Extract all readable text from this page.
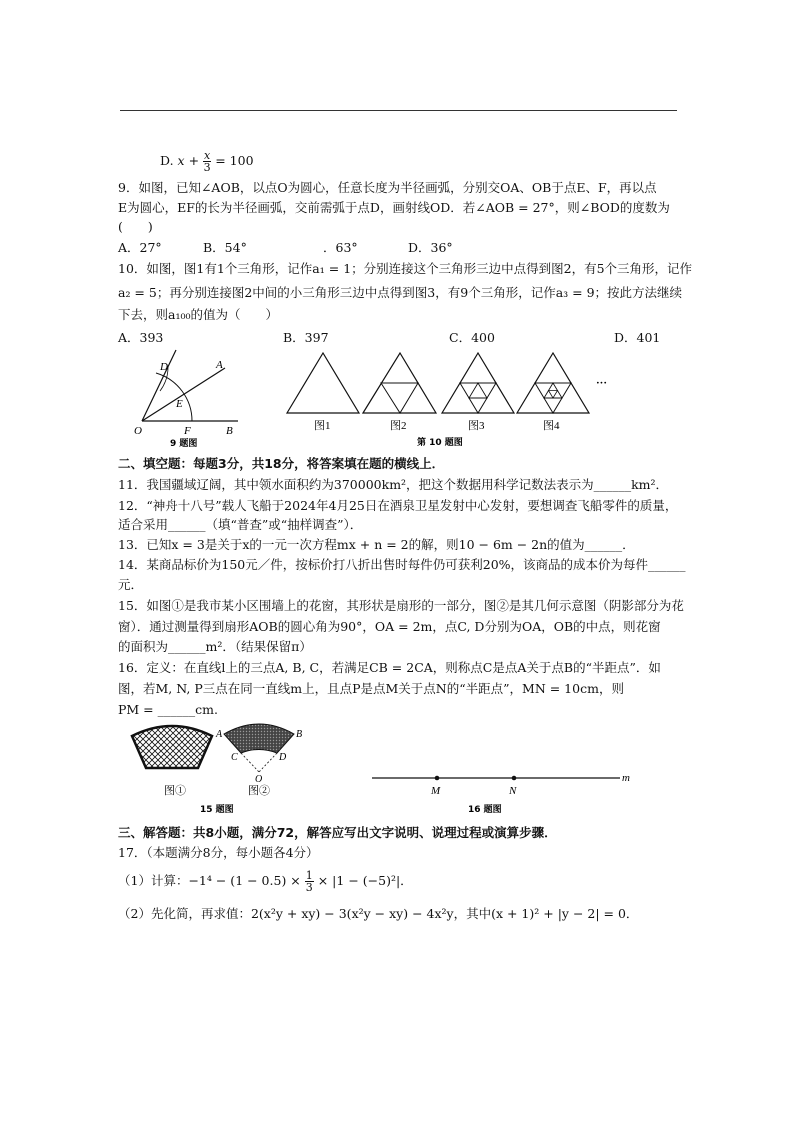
D. $x + \frac{x}{3} = 100$
9．如图，已知∠AOB，以点O为圆心，任意长度为半径画弧，分别交OA、OB于点E、F，再以点
E为圆心，EF的长为半径画弧，交前需弧于点D，画射线OD．若∠AOB = 27°，则∠BOD的度数为
(　　)
A．27°	B．54°	．63°	D．36°
10．如图，图1有1个三角形，记作a₁ = 1；分别连接这个三角形三边中点得到图2，有5个三角形，记作
a₂ = 5；再分别连接图2中间的小三角形三边中点得到图3，有9个三角形，记作a₃ = 9；按此方法继续
下去，则a₁₀₀的值为（　　）
A．393	B．397	C．400	D．401
D	A
E
O	F	B
9 题图
···
图1	图2	图3	图4
第 10 题图
二、填空题：每题3分，共18分，将答案填在题的横线上．
11．我国疆域辽阔，其中领水面积约为370000km²，把这个数据用科学记数法表示为______km²．
12．“神舟十八号”载人飞船于2024年4月25日在酒泉卫星发射中心发射，要想调查飞船零件的质量，
适合采用______（填“普查”或“抽样调查”）．
13．已知x = 3是关于x的一元一次方程mx + n = 2的解，则10 − 6m − 2n的值为______．
14．某商品标价为150元／件，按标价打八折出售时每件仍可获利20%，该商品的成本价为每件______
元．
15．如图①是我市某小区围墙上的花窗，其形状是扇形的一部分，图②是其几何示意图（阴影部分为花
窗）．通过测量得到扇形AOB的圆心角为90°，OA = 2m，点C, D分别为OA，OB的中点，则花窗
的面积为______m²．（结果保留π）
16．定义：在直线l上的三点A, B, C，若满足CB = 2CA，则称点C是点A关于点B的“半距点”．如
图，若M, N, P三点在同一直线m上，且点P是点M关于点N的“半距点”，MN = 10cm，则
PM = ______cm.
A	B
C	D
O
图①	图②
15 题图
M	N
m
16 题图
三、解答题：共8小题，满分72，解答应写出文字说明、说理过程或演算步骤．
17．（本题满分8分，每小题各4分）
（1）计算：$-1^4 - (1 - 0.5) \times \frac{1}{3} \times |1 - (-5)^2|$．
（2）先化简，再求值：2(x²y + xy) − 3(x²y − xy) − 4x²y，其中(x + 1)² + |y − 2| = 0．
